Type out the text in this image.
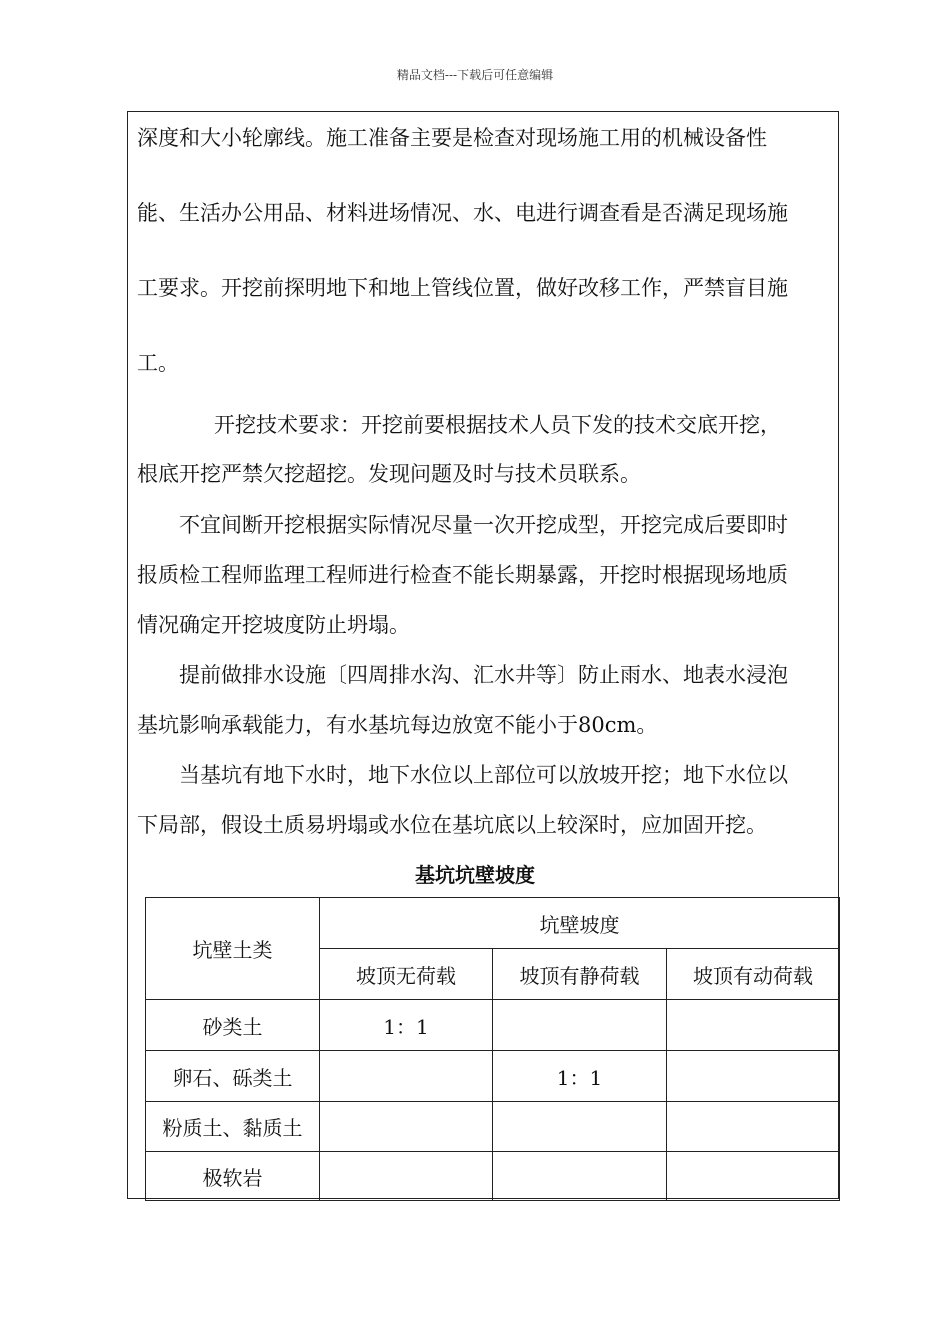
精品文档---下载后可任意编辑
深度和大小轮廓线。施工准备主要是检查对现场施工用的机械设备性
能、生活办公用品、材料进场情况、水、电进行调查看是否满足现场施
工要求。开挖前探明地下和地上管线位置，做好改移工作，严禁盲目施
工。
开挖技术要求：开挖前要根据技术人员下发的技术交底开挖，
根底开挖严禁欠挖超挖。发现问题及时与技术员联系。
不宜间断开挖根据实际情况尽量一次开挖成型，开挖完成后要即时
报质检工程师监理工程师进行检查不能长期暴露，开挖时根据现场地质
情况确定开挖坡度防止坍塌。
提前做排水设施〔四周排水沟、汇水井等〕防止雨水、地表水浸泡
基坑影响承载能力，有水基坑每边放宽不能小于80cm。
当基坑有地下水时，地下水位以上部位可以放坡开挖；地下水位以
下局部，假设土质易坍塌或水位在基坑底以上较深时，应加固开挖。
基坑坑壁坡度
坑壁土类	坑壁坡度		
	坡顶无荷载	坡顶有静荷载	坡顶有动荷载
砂类土	1：1		
卵石、砾类土		1：1	
粉质土、黏质土			
极软岩			
